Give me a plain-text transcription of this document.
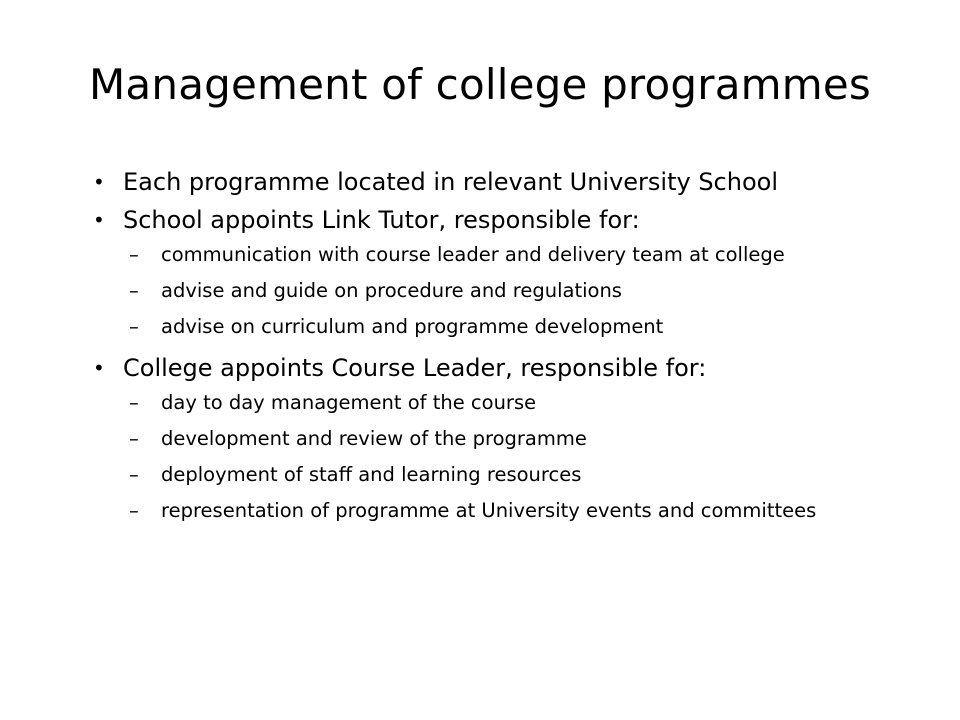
Management of college programmes
• Each programme located in relevant University School
• School appoints Link Tutor, responsible for:
– communication with course leader and delivery team at college
– advise and guide on procedure and regulations
– advise on curriculum and programme development
• College appoints Course Leader, responsible for:
– day to day management of the course
– development and review of the programme
– deployment of staff and learning resources
– representation of programme at University events and committees
